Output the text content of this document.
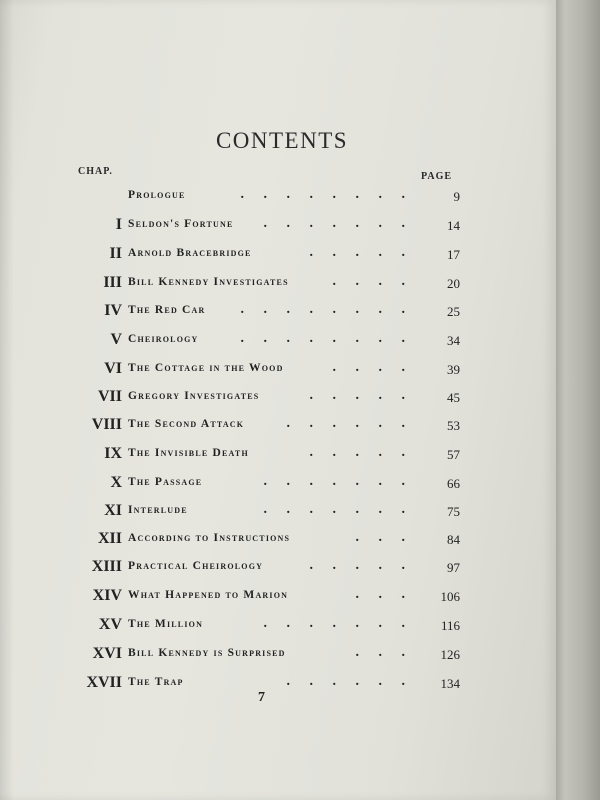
CONTENTS
CHAP.	PAGE
Prologue	. . . . . . . .	9
I Seldon's Fortune . . . . . . .	14
II Arnold Bracebridge	. . . . .	17
III Bill Kennedy Investigates	. . . .	20
IV The Red Car	. . . . . . . .	25
V Cheirology	. . . . . . . .	34
VI The Cottage in the Wood	. . . .	39
VII Gregory Investigates	. . . . .	45
VIII The Second Attack	. . . . . .	53
IX The Invisible Death	. . . . .	57
X The Passage	. . . . . . .	66
XI Interlude	. . . . . . .	75
XII According to Instructions	. . .	84
XIII Practical Cheirology	. . . . .	97
XIV What Happened to Marion	. . .	106
XV The Million	. . . . . . .	116
XVI Bill Kennedy is Surprised	. . .	126
XVII The Trap	. . . . . .	134
7
